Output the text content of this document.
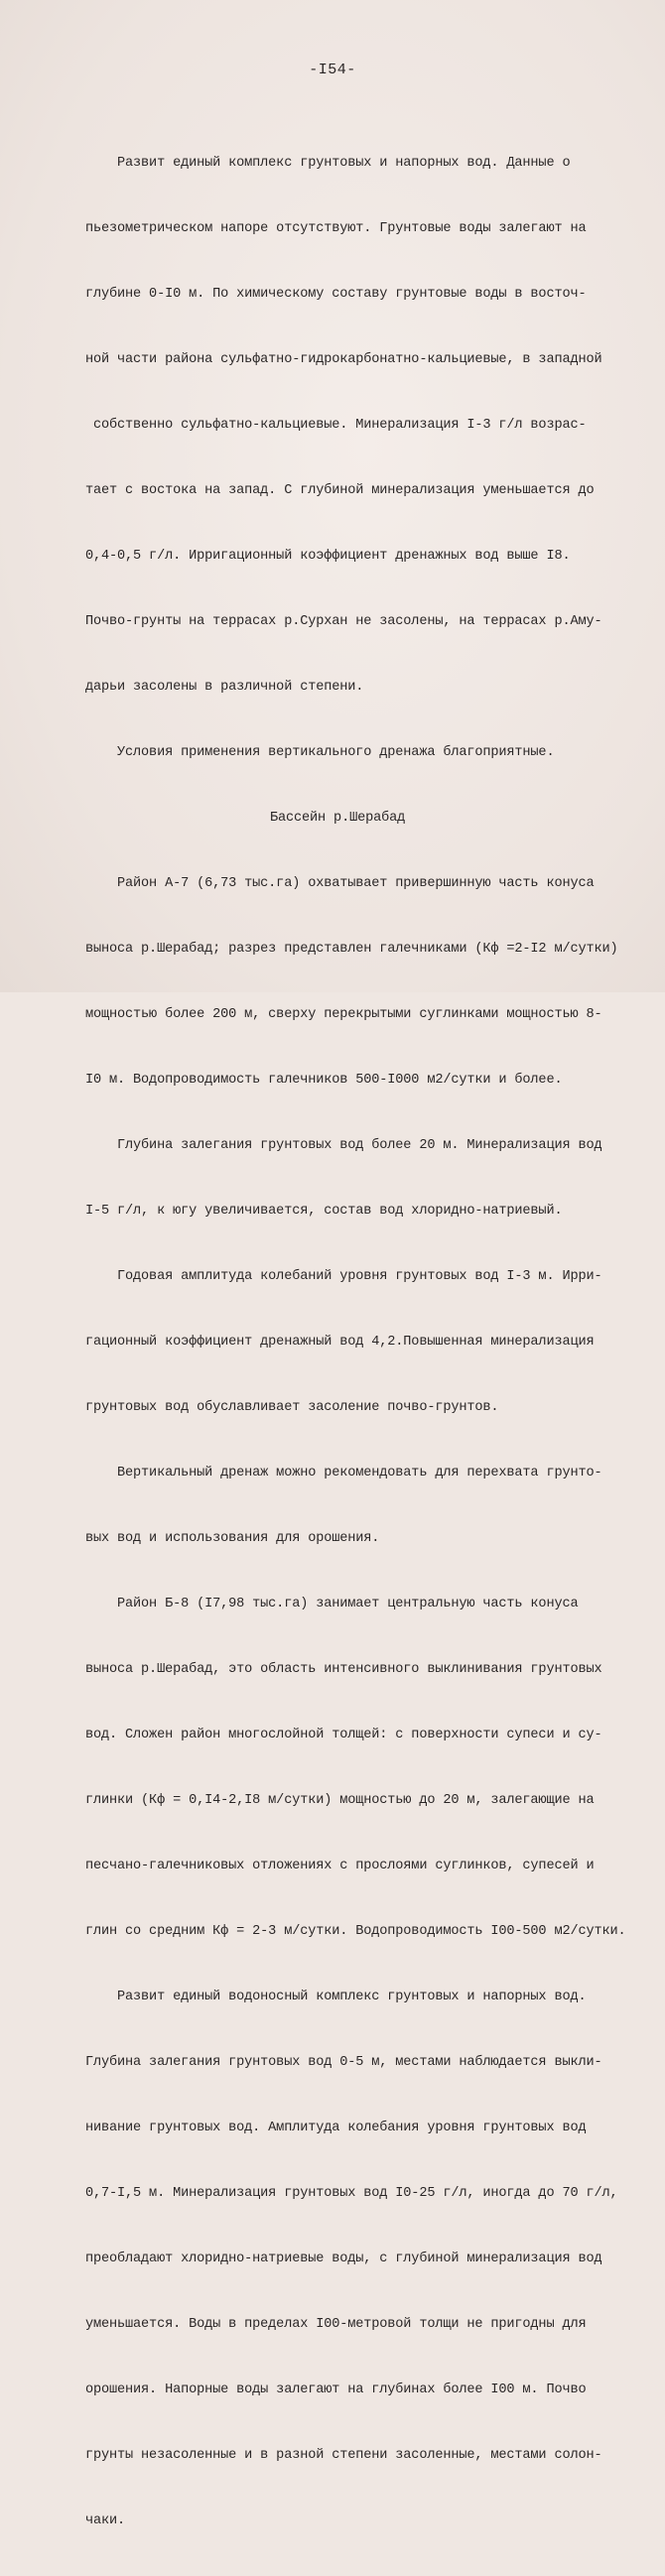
-I54-

Развит единый комплекс грунтовых и напорных вод. Данные о

пьезометрическом напоре отсутствуют. Грунтовые воды залегают на

глубине 0-I0 м. По химическому составу грунтовые воды в восточ-

ной части района сульфатно-гидрокарбонатно-кальциевые, в западной

собственно сульфатно-кальциевые. Минерализация I-3 г/л возрас-

тает с востока на запад. С глубиной минерализация уменьшается до

0,4-0,5 г/л. Ирригационный коэффициент дренажных вод выше I8.

Почво-грунты на террасах р.Сурхан не засолены, на террасах р.Аму-

дарьи засолены в различной степени.

Условия применения вертикального дренажа благоприятные.

Бассейн р.Шерабад

Район А-7 (6,73 тыс.га) охватывает привершинную часть конуса

выноса р.Шерабад; разрез представлен галечниками (Кф =2-I2 м/сутки)

мощностью более 200 м, сверху перекрытыми суглинками мощностью 8-

I0 м. Водопроводимость галечников 500-I000 м2/сутки и более.

Глубина залегания грунтовых вод более 20 м. Минерализация вод

I-5 г/л, к югу увеличивается, состав вод хлоридно-натриевый.

Годовая амплитуда колебаний уровня грунтовых вод I-3 м. Ирри-

гационный коэффициент дренажный вод 4,2.Повышенная минерализация

грунтовых вод обуславливает засоление почво-грунтов.

Вертикальный дренаж можно рекомендовать для перехвата грунто-

вых вод и использования для орошения.

Район Б-8 (I7,98 тыс.га) занимает центральную часть конуса

выноса р.Шерабад, это область интенсивного выклинивания грунтовых

вод. Сложен район многослойной толщей: с поверхности супеси и су-

глинки (Кф = 0,I4-2,I8 м/сутки) мощностью до 20 м, залегающие на

песчано-галечниковых отложениях с прослоями суглинков, супесей и

глин со средним Кф = 2-3 м/сутки. Водопроводимость I00-500 м2/сутки.

Развит единый водоносный комплекс грунтовых и напорных вод.

Глубина залегания грунтовых вод 0-5 м, местами наблюдается выкли-

нивание грунтовых вод. Амплитуда колебания уровня грунтовых вод

0,7-I,5 м. Минерализация грунтовых вод I0-25 г/л, иногда до 70 г/л,

преобладают хлоридно-натриевые воды, с глубиной минерализация вод

уменьшается. Воды в пределах I00-метровой толщи не пригодны для

орошения. Напорные воды залегают на глубинах более I00 м. Почво

грунты незасоленные и в разной степени засоленные, местами солон-

чаки.
